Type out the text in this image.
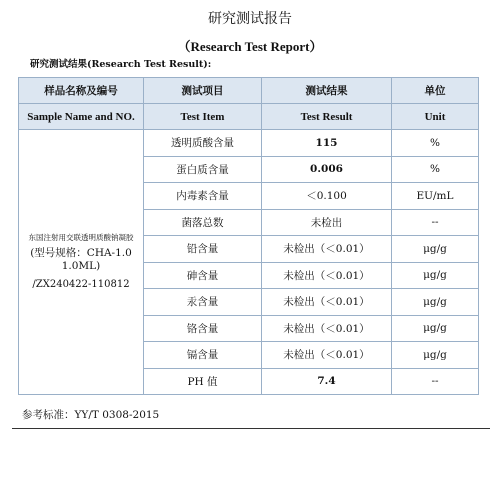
研究测试报告
（Research Test Report）
研究测试结果(Research Test Result):
样品名称及编号	测试项目	测试结果	单位
Sample Name and NO.	Test Item	Test Result	Unit

东国注射用交联透明质酸钠凝胶
(型号规格：CHA-1.0 1.0ML)
/ZX240422-110812	透明质酸含量	115	%
	蛋白质含量	0.006	%
	内毒素含量	＜0.100	EU/mL
	菌落总数	未检出	--
	铅含量	未检出（＜0.01）	μg/g
	砷含量	未检出（＜0.01）	μg/g
	汞含量	未检出（＜0.01）	μg/g
	铬含量	未检出（＜0.01）	μg/g
	镉含量	未检出（＜0.01）	μg/g
	PH 值	7.4	--
参考标准：YY/T 0308-2015
